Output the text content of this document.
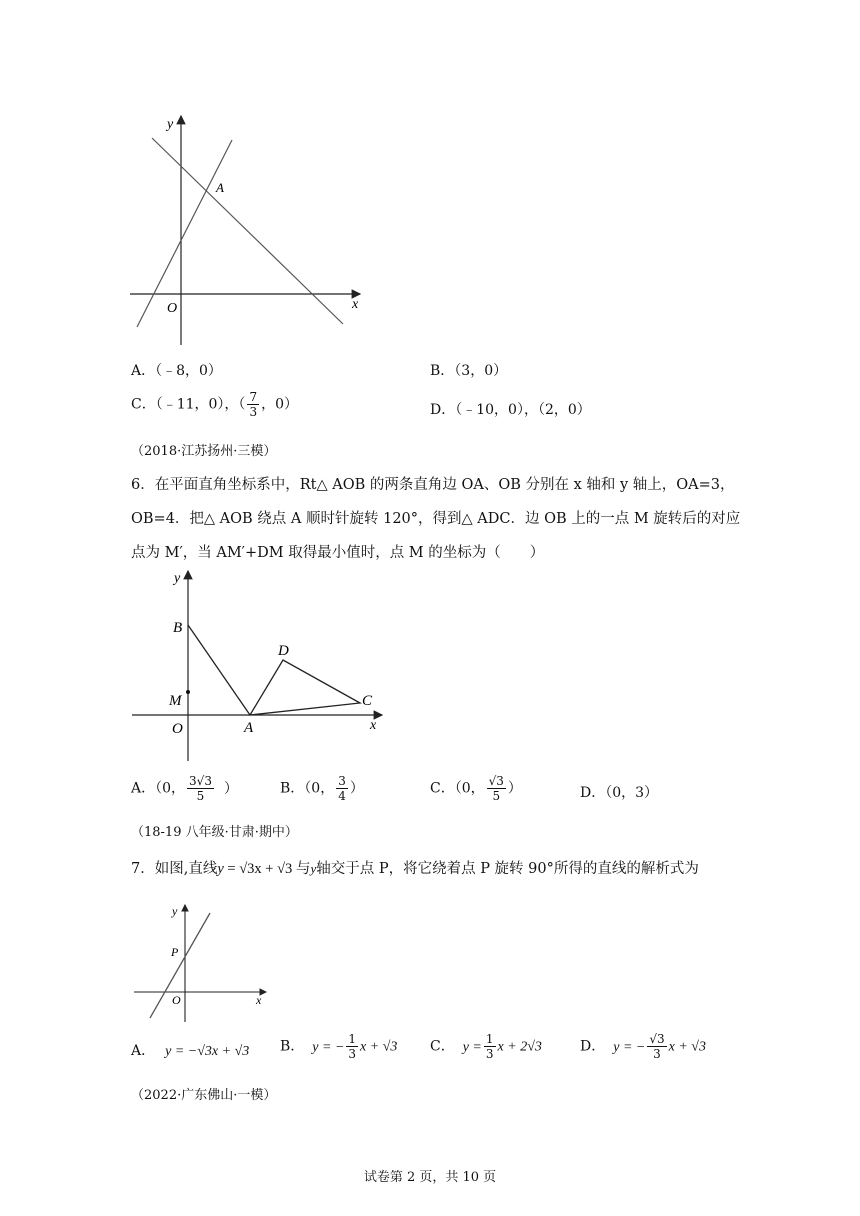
y
x
O
A
A．（﹣8，0）	B．（3，0）
C．（﹣11，0），（ $\frac{7}{3}$ ，0）	D．（﹣10，0），（2，0）
（2018·江苏扬州·三模）
6．在平面直角坐标系中，Rt△ AOB 的两条直角边 OA、OB 分别在 x 轴和 y 轴上，OA=3，
OB=4．把△ AOB 绕点 A 顺时针旋转 120°，得到△ ADC．边 OB 上的一点 M 旋转后的对应
点为 M′，当 AM′+DM 取得最小值时，点 M 的坐标为（　　）
y
x
O	A
B
C
D
M
A．（0， $\frac{3√3}{5}$ ）	B．（0， $\frac{3}{4}$ ）	C．（0， $\frac{√3}{5}$ ）	D．（0，3）
（18-19 八年级·甘肃·期中）
7．如图,直线y = √3x + √3 与y轴交于点 P，将它绕着点 P 旋转 90°所得的直线的解析式为
y
x
O
P
A． y = −√3x + √3 B． y = − $\frac{1}{3}$ x + √3 C． $y = \frac{1}{3}$ x + 2√3	D． y = − $\frac{√3}{3}$ x + √3
（2022·广东佛山·一模）
试卷第 2 页，共 10 页
